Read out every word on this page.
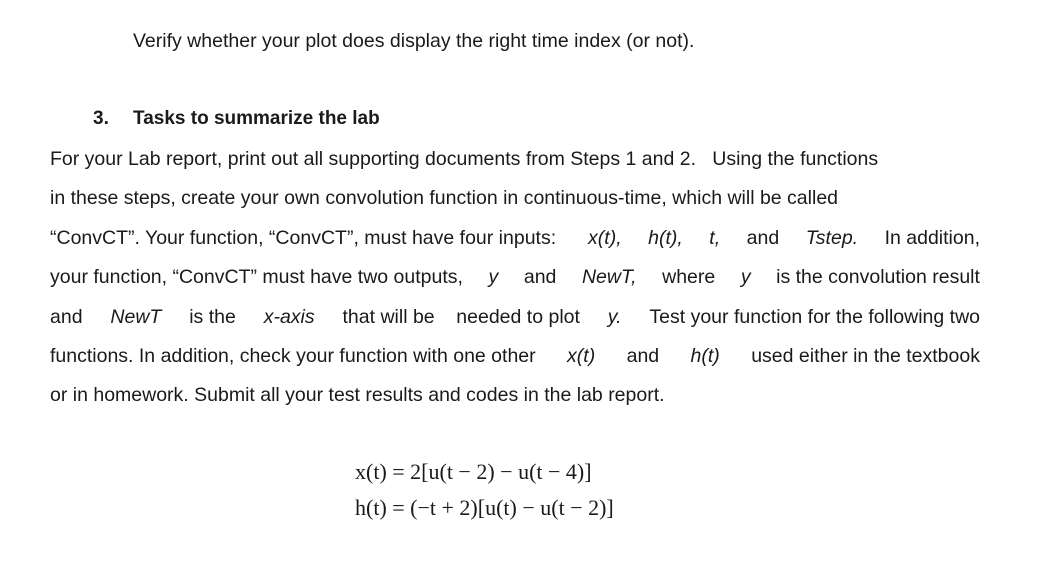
Verify whether your plot does display the right time index (or not).
3. Tasks to summarize the lab
For your Lab report, print out all supporting documents from Steps 1 and 2.   Using the functions
in these steps, create your own convolution function in continuous-time, which will be called
“ConvCT”. Your function, “ConvCT”, must have four inputs: x(t), h(t), t, and Tstep. In addition,
your function, “ConvCT” must have two outputs, y and NewT, where y is the convolution result
and NewT is the x-axis that will be    needed to plot y. Test your function for the following two
functions. In addition, check your function with one other x(t) and h(t) used either in the textbook
or in homework. Submit all your test results and codes in the lab report.
x(t) = 2[u(t − 2) − u(t − 4)]
h(t) = (−t + 2)[u(t) − u(t − 2)]
